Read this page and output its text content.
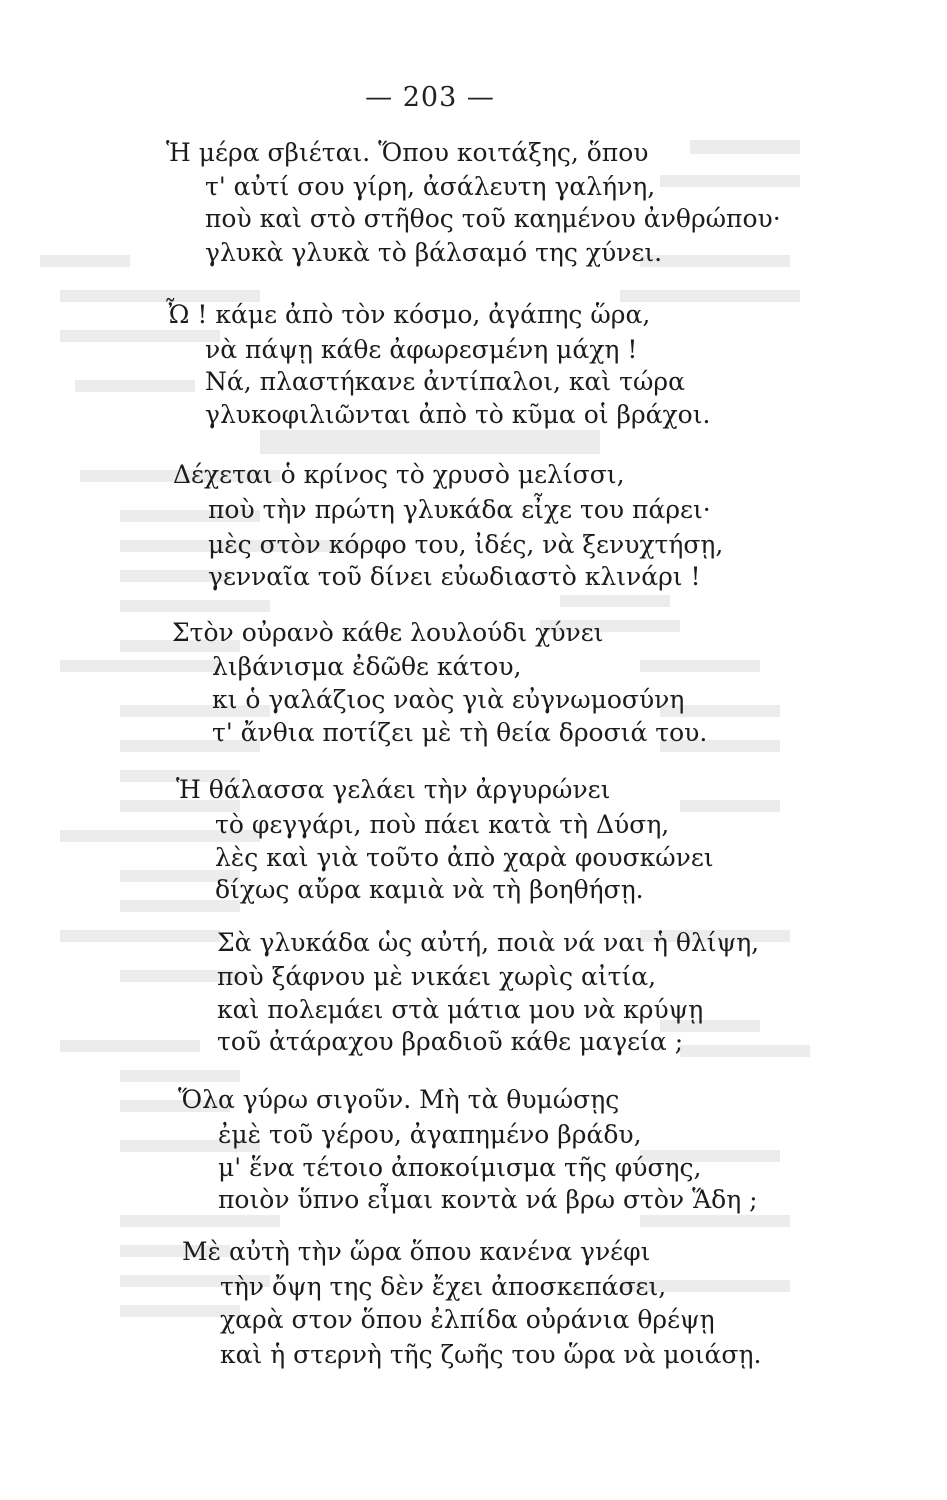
— 203 —
Ἡ μέρα σβιέται. Ὅπου κοιτάξης, ὅπου
τ' αὐτί σου γίρη, ἀσάλευτη γαλήνη,
ποὺ καὶ στὸ στῆθος τοῦ καημένου ἀνθρώπου·
γλυκὰ γλυκὰ τὸ βάλσαμό της χύνει.
Ὦ ! κάμε ἀπὸ τὸν κόσμο, ἀγάπης ὥρα,
νὰ πάψῃ κάθε ἀφωρεσμένη μάχη !
Νά, πλαστήκανε ἀντίπαλοι, καὶ τώρα
γλυκοφιλιῶνται ἀπὸ τὸ κῦμα οἱ βράχοι.
Δέχεται ὁ κρίνος τὸ χρυσὸ μελίσσι,
ποὺ τὴν πρώτη γλυκάδα εἶχε του πάρει·
μὲς στὸν κόρφο του, ἰδές, νὰ ξενυχτήσῃ,
γενναῖα τοῦ δίνει εὐωδιαστὸ κλινάρι !
Στὸν οὐρανὸ κάθε λουλούδι χύνει
λιβάνισμα ἐδῶθε κάτου,
κι ὁ γαλάζιος ναὸς γιὰ εὐγνωμοσύνη
τ' ἄνθια ποτίζει μὲ τὴ θεία δροσιά του.
Ἡ θάλασσα γελάει τὴν ἀργυρώνει
τὸ φεγγάρι, ποὺ πάει κατὰ τὴ Δύση,
λὲς καὶ γιὰ τοῦτο ἀπὸ χαρὰ φουσκώνει
δίχως αὔρα καμιὰ νὰ τὴ βοηθήσῃ.
Σὰ γλυκάδα ὡς αὐτή, ποιὰ νά ναι ἡ θλίψη,
ποὺ ξάφνου μὲ νικάει χωρὶς αἰτία,
καὶ πολεμάει στὰ μάτια μου νὰ κρύψῃ
τοῦ ἀτάραχου βραδιοῦ κάθε μαγεία ;
Ὅλα γύρω σιγοῦν. Μὴ τὰ θυμώσῃς
ἐμὲ τοῦ γέρου, ἀγαπημένο βράδυ,
μ' ἕνα τέτοιο ἀποκοίμισμα τῆς φύσης,
ποιὸν ὕπνο εἶμαι κοντὰ νά βρω στὸν Ἅδη ;
Μὲ αὐτὴ τὴν ὥρα ὅπου κανένα γνέφι
τὴν ὄψη της δὲν ἔχει ἀποσκεπάσει,
χαρὰ στον ὅπου ἐλπίδα οὐράνια θρέψῃ
καὶ ἡ στερνὴ τῆς ζωῆς του ὥρα νὰ μοιάσῃ.
